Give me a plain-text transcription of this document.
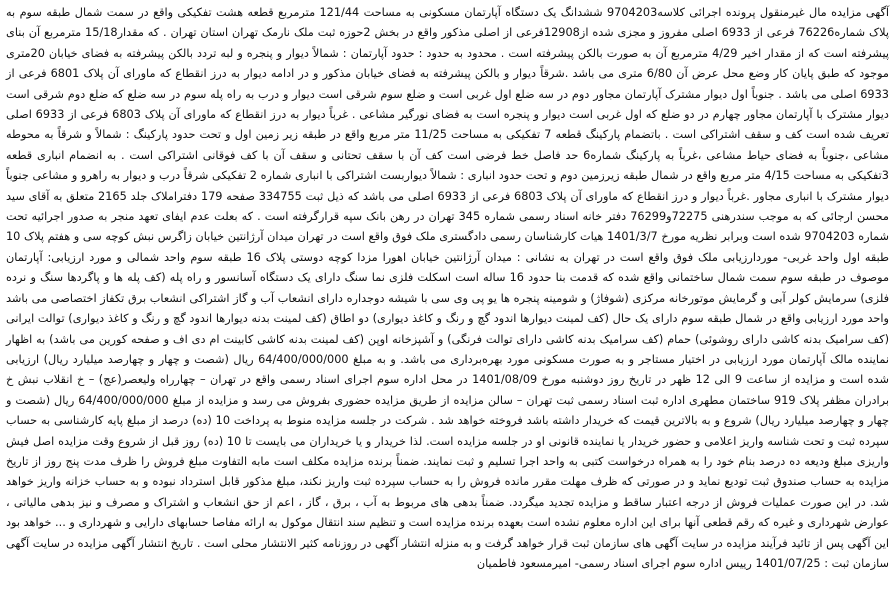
آگهی مزایده مال غیرمنقول پرونده اجرائی کلاسه9704203 ششدانگ یک دستگاه آپارتمان مسکونی به مساحت 121/44 مترمربع قطعه هشت تفکیکی واقع در سمت شمال طبقه سوم به پلاک شماره76226 فرعی از 6933 اصلی مفروز و مجزی شده از12908فرعی از اصلی مذکور واقع در بخش 2حوزه ثبت ملک نارمک تهران استان تهران . که مقدار15/18 مترمربع آن بنای پیشرفته است که از مقدار اخیر 4/29 مترمربع آن به صورت بالکن پیشرفته است . محدود به حدود : حدود آپارتمان : شمالاً دیوار و پنجره و لبه تردد بالکن پیشرفته به فضای خیابان 20متری موجود که طبق پایان کار وضع محل عرض آن 6/80 متری می باشد .شرقاً دیوار و بالکن پیشرفته به فضای خیابان مذکور و در ادامه دیوار به درز انقطاع که ماورای آن پلاک 6801 فرعی از 6933 اصلی می باشد . جنوباً اول دیوار مشترک آپارتمان مجاور دوم در سه ضلع اول غربی است و ضلع سوم شرقی است دیوار و درب به راه پله سوم در سه ضلع که ضلع دوم شرقی است دیوار مشترک با آپارتمان مجاور چهارم در دو ضلع که اول غربی است دیوار و پنجره است به فضای نورگیر مشاعی . غرباً دیوار به درز انقطاع که ماورای آن پلاک 6803 فرعی از 6933 اصلی تعریف شده است کف و سقف اشتراکی است . باتضمام پارکینگ قطعه 7 تفکیکی به مساحت 11/25 متر مربع واقع در طبقه زیر زمین اول و تحت حدود پارکینگ : شمالاً و شرقاً به محوطه مشاعی ،جنوباً به فضای حیاط مشاعی ،غرباً به پارکینگ شماره6 حد فاصل خط فرضی است کف آن با سقف تحتانی و سقف آن با کف فوقانی اشتراکی است . به انضمام انباری قطعه 3تفکیکی به مساحت 4/15 متر مربع واقع در شمال طبقه زیرزمین دوم و تحت حدود انباری : شمالاً دیواربست اشتراکی با انباری شماره 2 تفکیکی شرقاً درب و دیوار به راهرو و مشاعی جنوباً دیوار مشترک با انباری مجاور .غرباً دیوار و درز انقطاع که ماورای آن پلاک 6803 فرعی از 6933 اصلی می باشد که ذیل ثبت 334755 صفحه 179 دفتراملاک جلد 2165 متعلق به آقای سید محسن ارجائی که به موجب سندرهنی 72275و76299 دفتر خانه اسناد رسمی شماره 345 تهران در رهن بانک سپه قرارگرفته است . که بعلت عدم ایفای تعهد منجر به صدور اجرائیه تحت شماره 9704203 شده است وبرابر نظریه مورخ 1401/3/7 هیات کارشناسان رسمی دادگستری ملک فوق واقع است در تهران میدان آرژانتین خیابان زاگرس نبش کوچه سی و هفتم پلاک 10 طبقه اول واحد غربی- موردارزیابی ملک فوق واقع است در تهران به نشانی : میدان آرژانتین خیابان اهورا مزدا کوچه دوستی پلاک 16 طبقه سوم واحد شمالی و مورد ارزیابی: آپارتمان موصوف در طبقه سوم سمت شمال ساختمانی واقع شده که قدمت بنا حدود 16 ساله است اسکلت فلزی نما سنگ دارای یک دستگاه آسانسور و راه پله (کف پله ها و پاگردها سنگ و نرده فلزی) سرمایش کولر آبی و گرمایش موتورخانه مرکزی (شوفاژ) و شومینه پنجره ها یو پی وی سی با شیشه دوجداره دارای انشعاب آب و گاز اشتراکی انشعاب برق تکفاز اختصاصی می باشد واحد مورد ارزیابی واقع در شمال طبقه سوم دارای یک حال (کف لمینت دیوارها اندود گچ و رنگ و کاغذ دیواری) دو اطاق (کف لمینت بدنه دیوارها اندود گچ و رنگ و کاغذ دیواری) توالت ایرانی (کف سرامیک بدنه کاشی دارای روشوئی) حمام (کف سرامیک بدنه کاشی دارای توالت فرنگی) و آشپزخانه اوپن (کف لمینت بدنه کاشی کابینت ام دی اف و صفحه کورین می باشد) به اظهار نماینده مالک آپارتمان مورد ارزیابی در اختیار مستاجر و به صورت مسکونی مورد بهره‌برداری می باشد. و به مبلغ 64/400/000/000 ریال (شصت و چهار و چهارصد میلیارد ریال) ارزیابی شده است و مزایده از ساعت 9 الی 12 ظهر در تاریخ روز دوشنبه مورخ 1401/08/09 در محل اداره سوم اجرای اسناد رسمی واقع در تهران – چهارراه ولیعصر(عج) – خ انقلاب نبش خ برادران مظفر پلاک 919 ساختمان مطهری اداره ثبت اسناد رسمی ثبت تهران – سالن مزایده از طریق مزایده حضوری بفروش می رسد و مزایده از مبلغ 64/400/000/000 ریال (شصت و چهار و چهارصد میلیارد ریال) شروع و به بالاترین قیمت که خریدار داشته باشد فروخته خواهد شد . شرکت در جلسه مزایده منوط به پرداخت 10 (ده) درصد از مبلغ پایه کارشناسی به حساب سپرده ثبت و تحت شناسه واریز اعلامی و حضور خریدار یا نماینده قانونی او در جلسه مزایده است. لذا خریدار و یا خریداران می بایست تا 10 (ده) روز قبل از شروع وقت مزایده اصل فیش واریزی مبلغ ودیعه ده درصد بنام خود را به همراه درخواست کتبی به واحد اجرا تسلیم و ثبت نمایند. ضمناً برنده مزایده مکلف است مابه التفاوت مبلغ فروش را ظرف مدت پنج روز از تاریخ مزایده به حساب صندوق ثبت تودیع نماید و در صورتی که ظرف مهلت مقرر مانده فروش را به حساب سپرده ثبت واریز نکند، مبلغ مذکور قابل استرداد نبوده و به حساب خزانه واریز خواهد شد. در این صورت عملیات فروش از درجه اعتبار ساقط و مزایده تجدید میگردد. ضمناً بدهی های مربوط به آب ، برق ، گاز ، اعم از حق انشعاب و اشتراک و مصرف و نیز بدهی مالیاتی ، عوارض شهرداری و غیره که رقم قطعی آنها برای این اداره معلوم نشده است بعهده برنده مزایده است و تنظیم سند انتقال موکول به ارائه مفاصا حسابهای دارایی و شهرداری و ... خواهد بود این آگهی پس از تائید فرآیند مزایده در سایت آگهی های سازمان ثبت قرار خواهد گرفت و به منزله انتشار آگهی در روزنامه کثیر الانتشار محلی است . تاریخ انتشار آگهی مزایده در سایت آگهی سازمان ثبت : 1401/07/25 رییس اداره سوم اجرای اسناد رسمی- امیرمسعود فاطمیان
